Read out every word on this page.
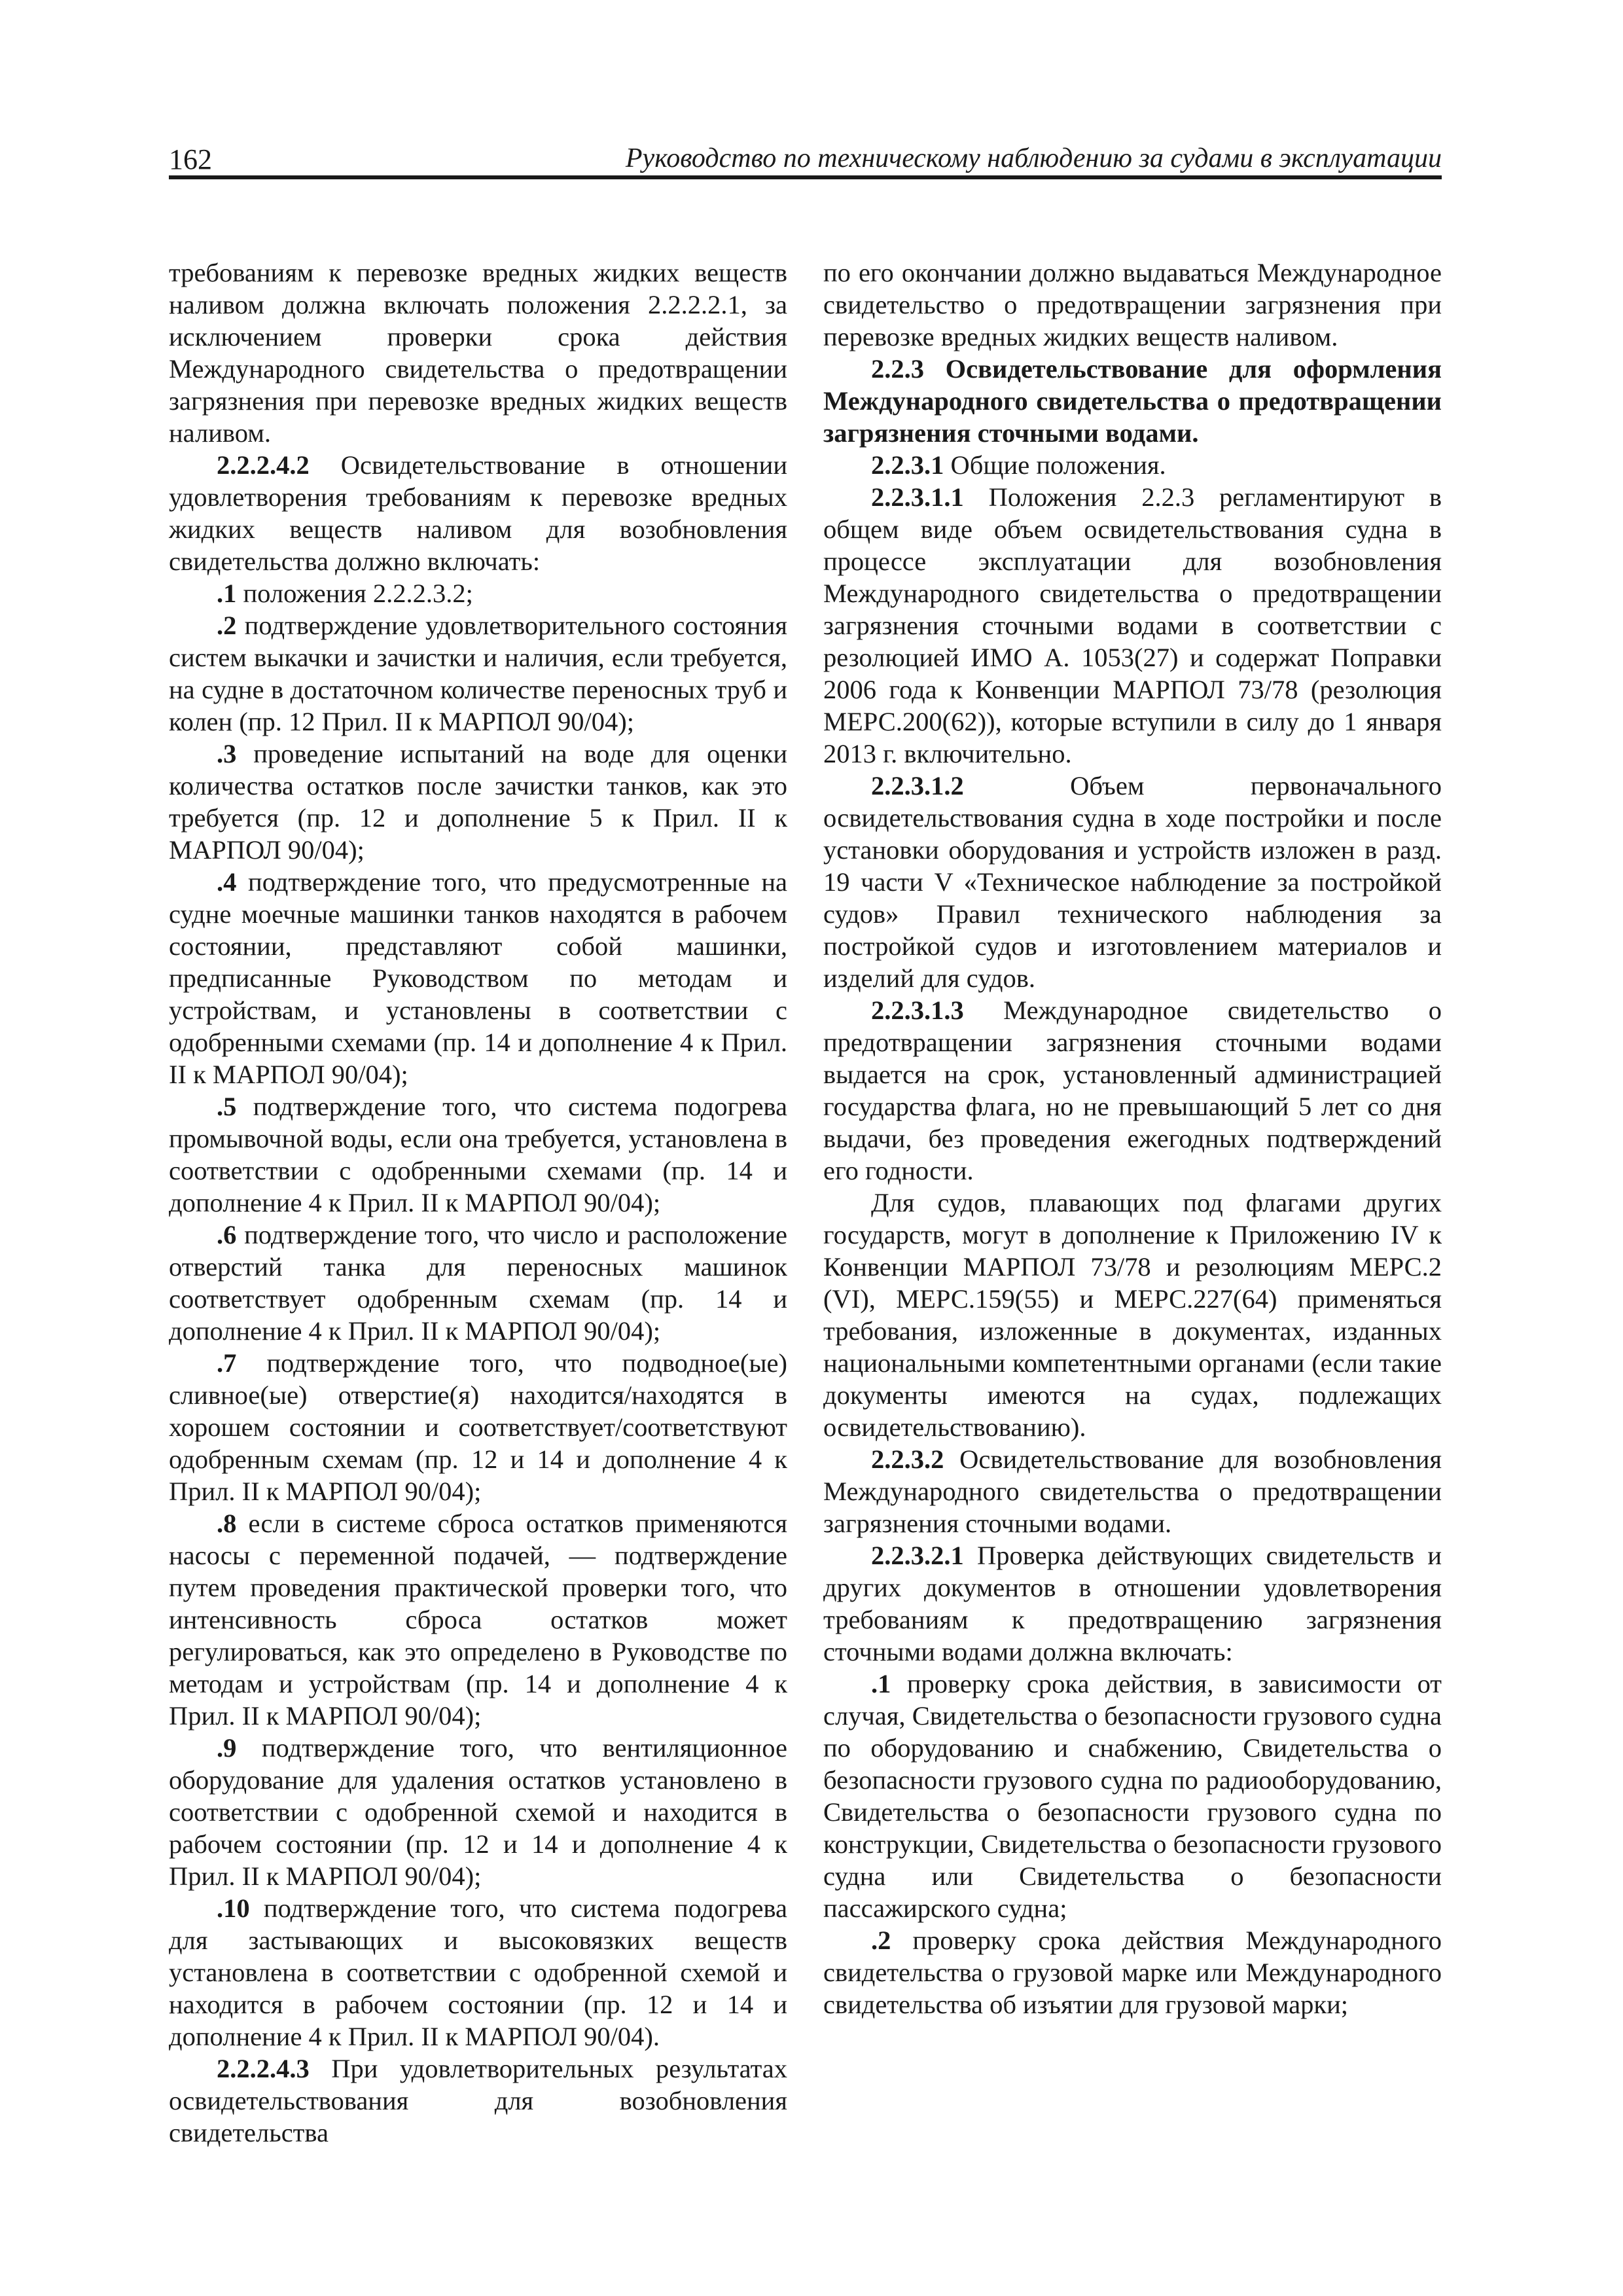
162	Руководство по техническому наблюдению за судами в эксплуатации

требованиям к перевозке вредных жидких веществ наливом должна включать положения 2.2.2.2.1, за исключением проверки срока действия Международного свидетельства о предотвращении загрязнения при перевозке вредных жидких веществ наливом.

2.2.2.4.2 Освидетельствование в отношении удовлетворения требованиям к перевозке вредных жидких веществ наливом для возобновления свидетельства должно включать:

.1 положения 2.2.2.3.2;

.2 подтверждение удовлетворительного состояния систем выкачки и зачистки и наличия, если требуется, на судне в достаточном количестве переносных труб и колен (пр. 12 Прил. II к МАРПОЛ 90/04);

.3 проведение испытаний на воде для оценки количества остатков после зачистки танков, как это требуется (пр. 12 и дополнение 5 к Прил. II к МАРПОЛ 90/04);

.4 подтверждение того, что предусмотренные на судне моечные машинки танков находятся в рабочем состоянии, представляют собой машинки, предписанные Руководством по методам и устройствам, и установлены в соответствии с одобренными схемами (пр. 14 и дополнение 4 к Прил. II к МАРПОЛ 90/04);

.5 подтверждение того, что система подогрева промывочной воды, если она требуется, установлена в соответствии с одобренными схемами (пр. 14 и дополнение 4 к Прил. II к МАРПОЛ 90/04);

.6 подтверждение того, что число и расположение отверстий танка для переносных машинок соответствует одобренным схемам (пр. 14 и дополнение 4 к Прил. II к МАРПОЛ 90/04);

.7 подтверждение того, что подводное(ые) сливное(ые) отверстие(я) находится/находятся в хорошем состоянии и соответствует/соответствуют одобренным схемам (пр. 12 и 14 и дополнение 4 к Прил. II к МАРПОЛ 90/04);

.8 если в системе сброса остатков применяются насосы с переменной подачей, — подтверждение путем проведения практической проверки того, что интенсивность сброса остатков может регулироваться, как это определено в Руководстве по методам и устройствам (пр. 14 и дополнение 4 к Прил. II к МАРПОЛ 90/04);

.9 подтверждение того, что вентиляционное оборудование для удаления остатков установлено в соответствии с одобренной схемой и находится в рабочем состоянии (пр. 12 и 14 и дополнение 4 к Прил. II к МАРПОЛ 90/04);

.10 подтверждение того, что система подогрева для застывающих и высоковязких веществ установлена в соответствии с одобренной схемой и находится в рабочем состоянии (пр. 12 и 14 и дополнение 4 к Прил. II к МАРПОЛ 90/04).

2.2.2.4.3 При удовлетворительных результатах освидетельствования для возобновления свидетельства

по его окончании должно выдаваться Международное свидетельство о предотвращении загрязнения при перевозке вредных жидких веществ наливом.

2.2.3 Освидетельствование для оформления Международного свидетельства о предотвращении загрязнения сточными водами.

2.2.3.1 Общие положения.

2.2.3.1.1 Положения 2.2.3 регламентируют в общем виде объем освидетельствования судна в процессе эксплуатации для возобновления Международного свидетельства о предотвращении загрязнения сточными водами в соответствии с резолюцией ИМО А. 1053(27) и содержат Поправки 2006 года к Конвенции МАРПОЛ 73/78 (резолюция МЕРС.200(62)), которые вступили в силу до 1 января 2013 г. включительно.

2.2.3.1.2 Объем первоначального освидетельствования судна в ходе постройки и после установки оборудования и устройств изложен в разд. 19 части V «Техническое наблюдение за постройкой судов» Правил технического наблюдения за постройкой судов и изготовлением материалов и изделий для судов.

2.2.3.1.3 Международное свидетельство о предотвращении загрязнения сточными водами выдается на срок, установленный администрацией государства флага, но не превышающий 5 лет со дня выдачи, без проведения ежегодных подтверждений его годности.

Для судов, плавающих под флагами других государств, могут в дополнение к Приложению IV к Конвенции МАРПОЛ 73/78 и резолюциям МЕРС.2 (VI), МЕРС.159(55) и МЕРС.227(64) применяться требования, изложенные в документах, изданных национальными компетентными органами (если такие документы имеются на судах, подлежащих освидетельствованию).

2.2.3.2 Освидетельствование для возобновления Международного свидетельства о предотвращении загрязнения сточными водами.

2.2.3.2.1 Проверка действующих свидетельств и других документов в отношении удовлетворения требованиям к предотвращению загрязнения сточными водами должна включать:

.1 проверку срока действия, в зависимости от случая, Свидетельства о безопасности грузового судна по оборудованию и снабжению, Свидетельства о безопасности грузового судна по радиооборудованию, Свидетельства о безопасности грузового судна по конструкции, Свидетельства о безопасности грузового судна или Свидетельства о безопасности пассажирского судна;

.2 проверку срока действия Международного свидетельства о грузовой марке или Международного свидетельства об изъятии для грузовой марки;
